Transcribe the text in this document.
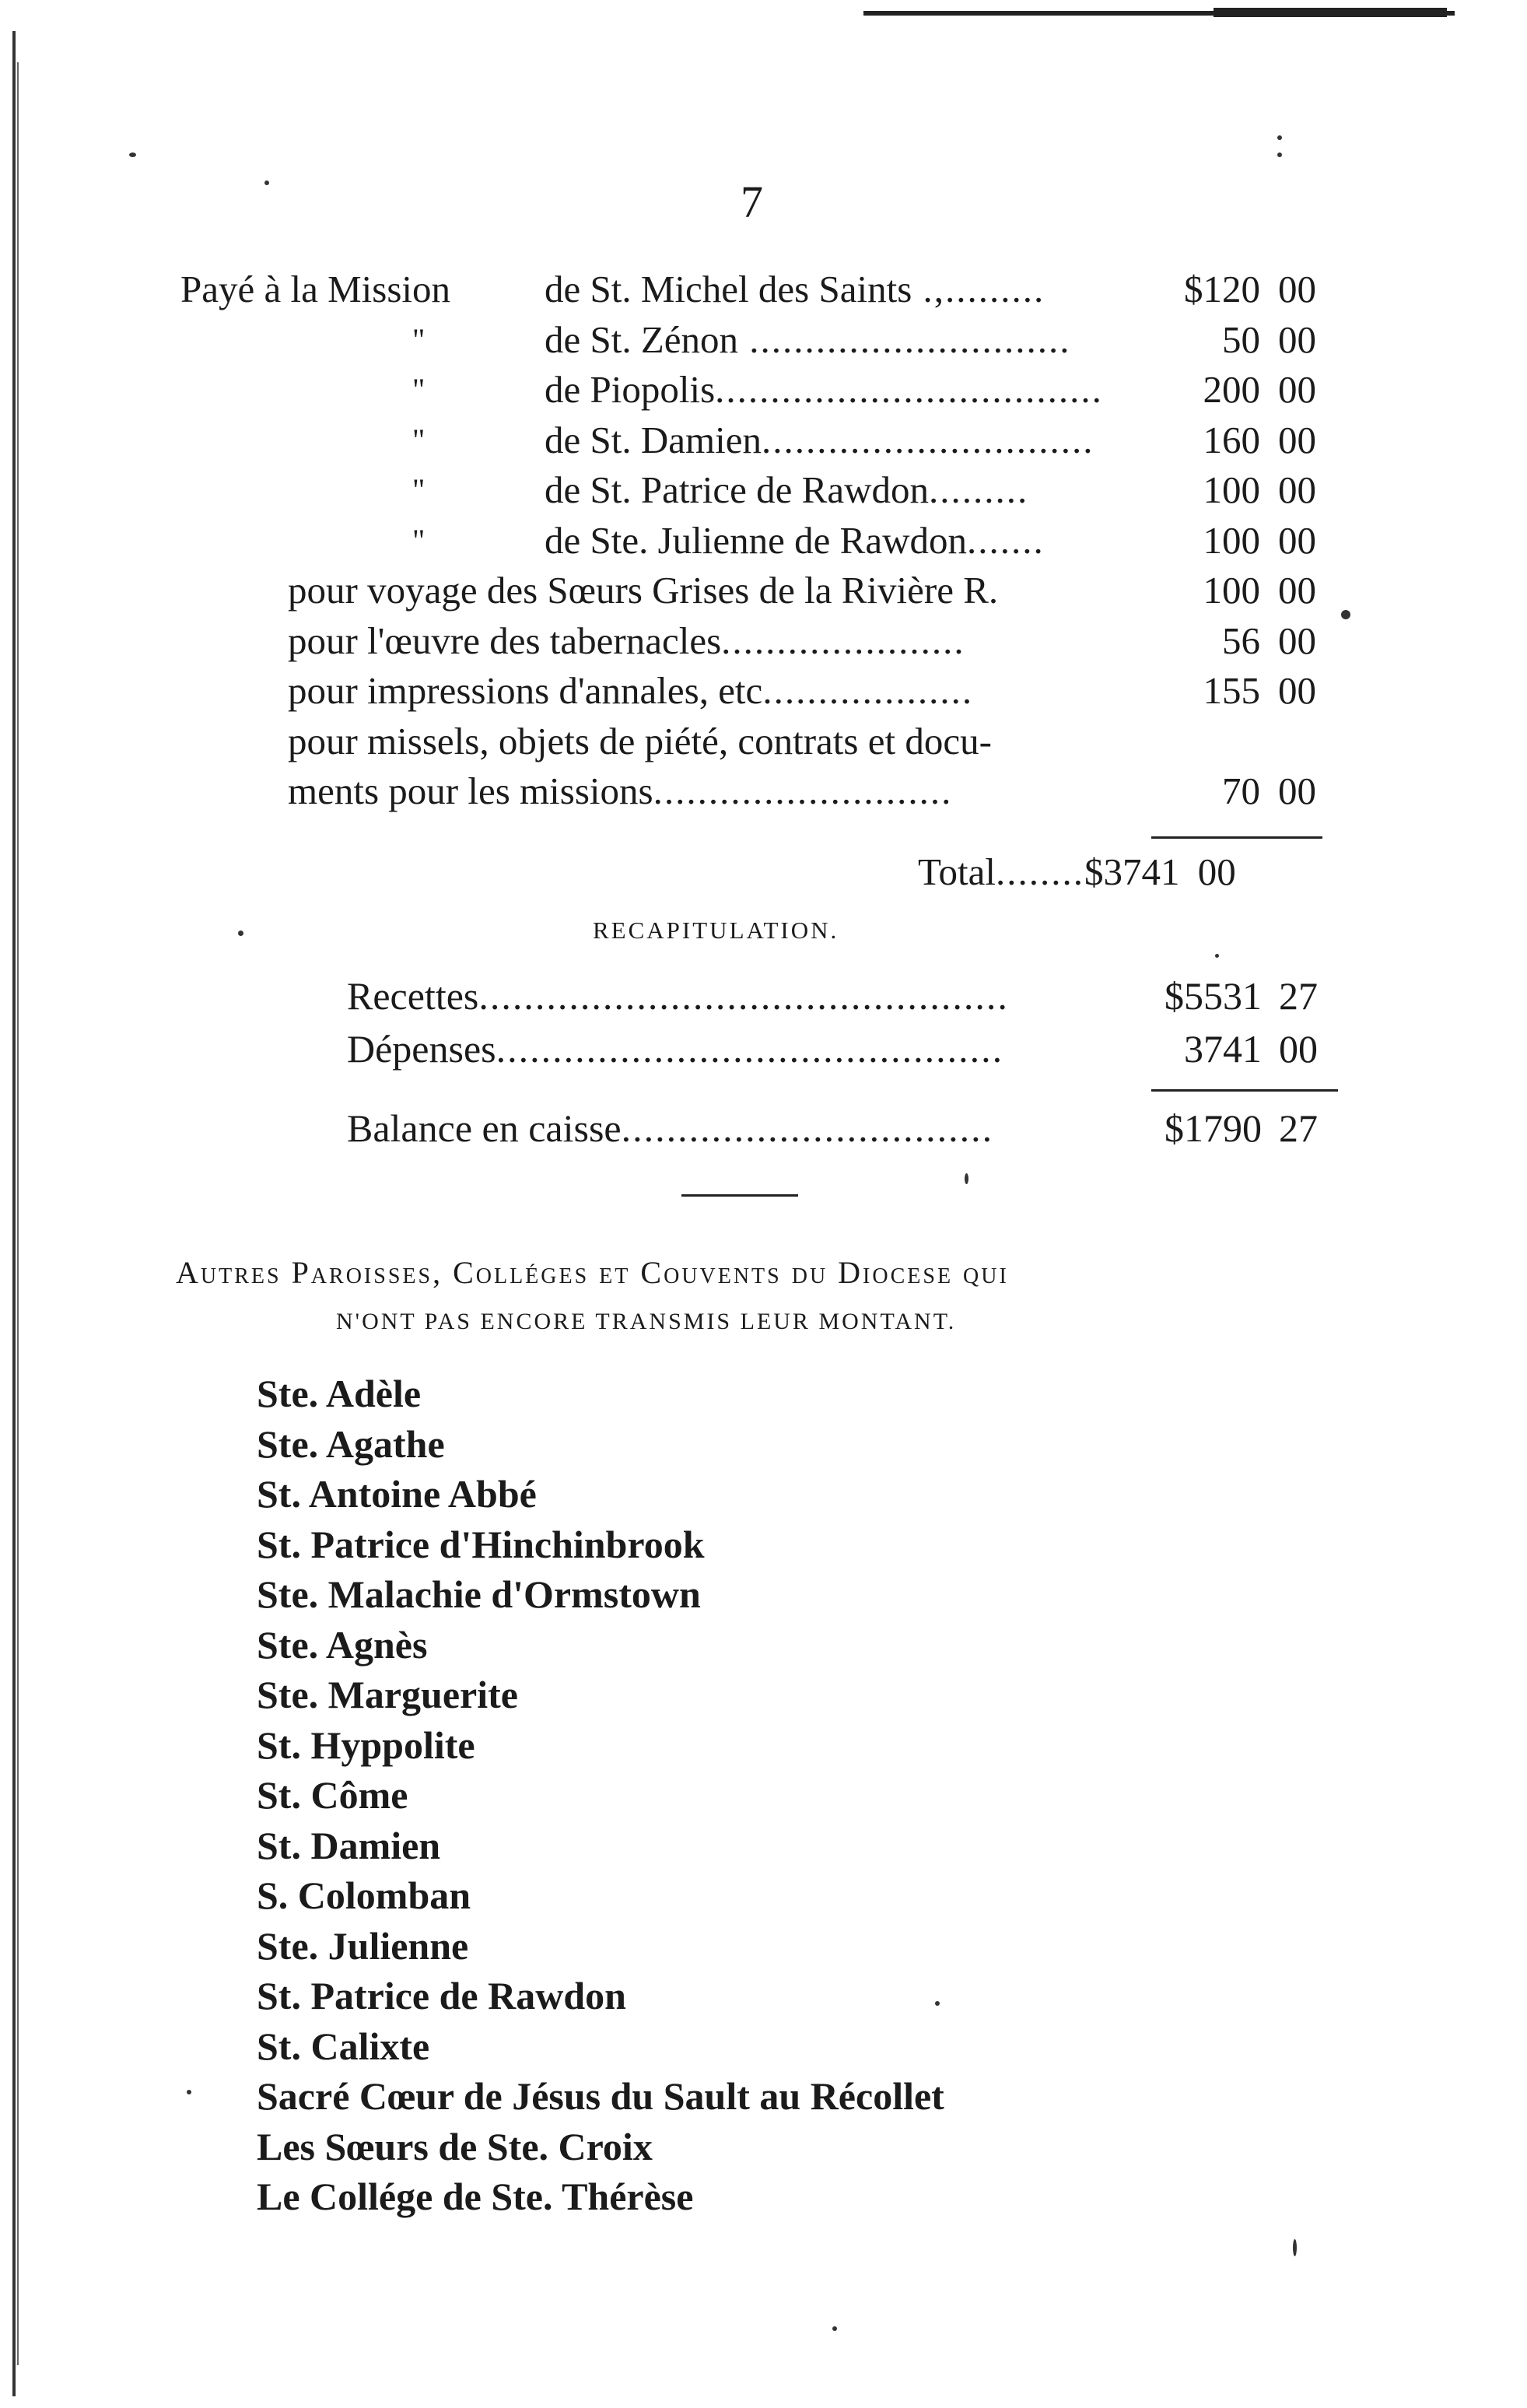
7
Payé à la Mission de St. Michel des Saints .,.........	$120 00
"	de St. Zénon .............................	50 00
"	de Piopolis...................................	200 00
"	de St. Damien..............................	160 00
"	de St. Patrice de Rawdon.........	100 00
"	de Ste. Julienne de Rawdon.......	100 00
pour voyage des Sœurs Grises de la Rivière R.	100 00
pour l'œuvre des tabernacles......................	56 00
pour impressions d'annales, etc...................	155 00
pour missels, objets de piété, contrats et docu-
ments pour les missions...........................	70 00
Total........$3741 00
RECAPITULATION.
Recettes...............................................	$5531 27
Dépenses.............................................	3741 00
Balance en caisse.................................	$1790 27
Autres Paroisses, Colléges et Couvents du Diocese qui
N'ONT PAS ENCORE TRANSMIS LEUR MONTANT.
Ste. Adèle
Ste. Agathe
St. Antoine Abbé
St. Patrice d'Hinchinbrook
Ste. Malachie d'Ormstown
Ste. Agnès
Ste. Marguerite
St. Hyppolite
St. Côme
St. Damien
S. Colomban
Ste. Julienne
St. Patrice de Rawdon
St. Calixte
Sacré Cœur de Jésus du Sault au Récollet
Les Sœurs de Ste. Croix
Le Collége de Ste. Thérèse
